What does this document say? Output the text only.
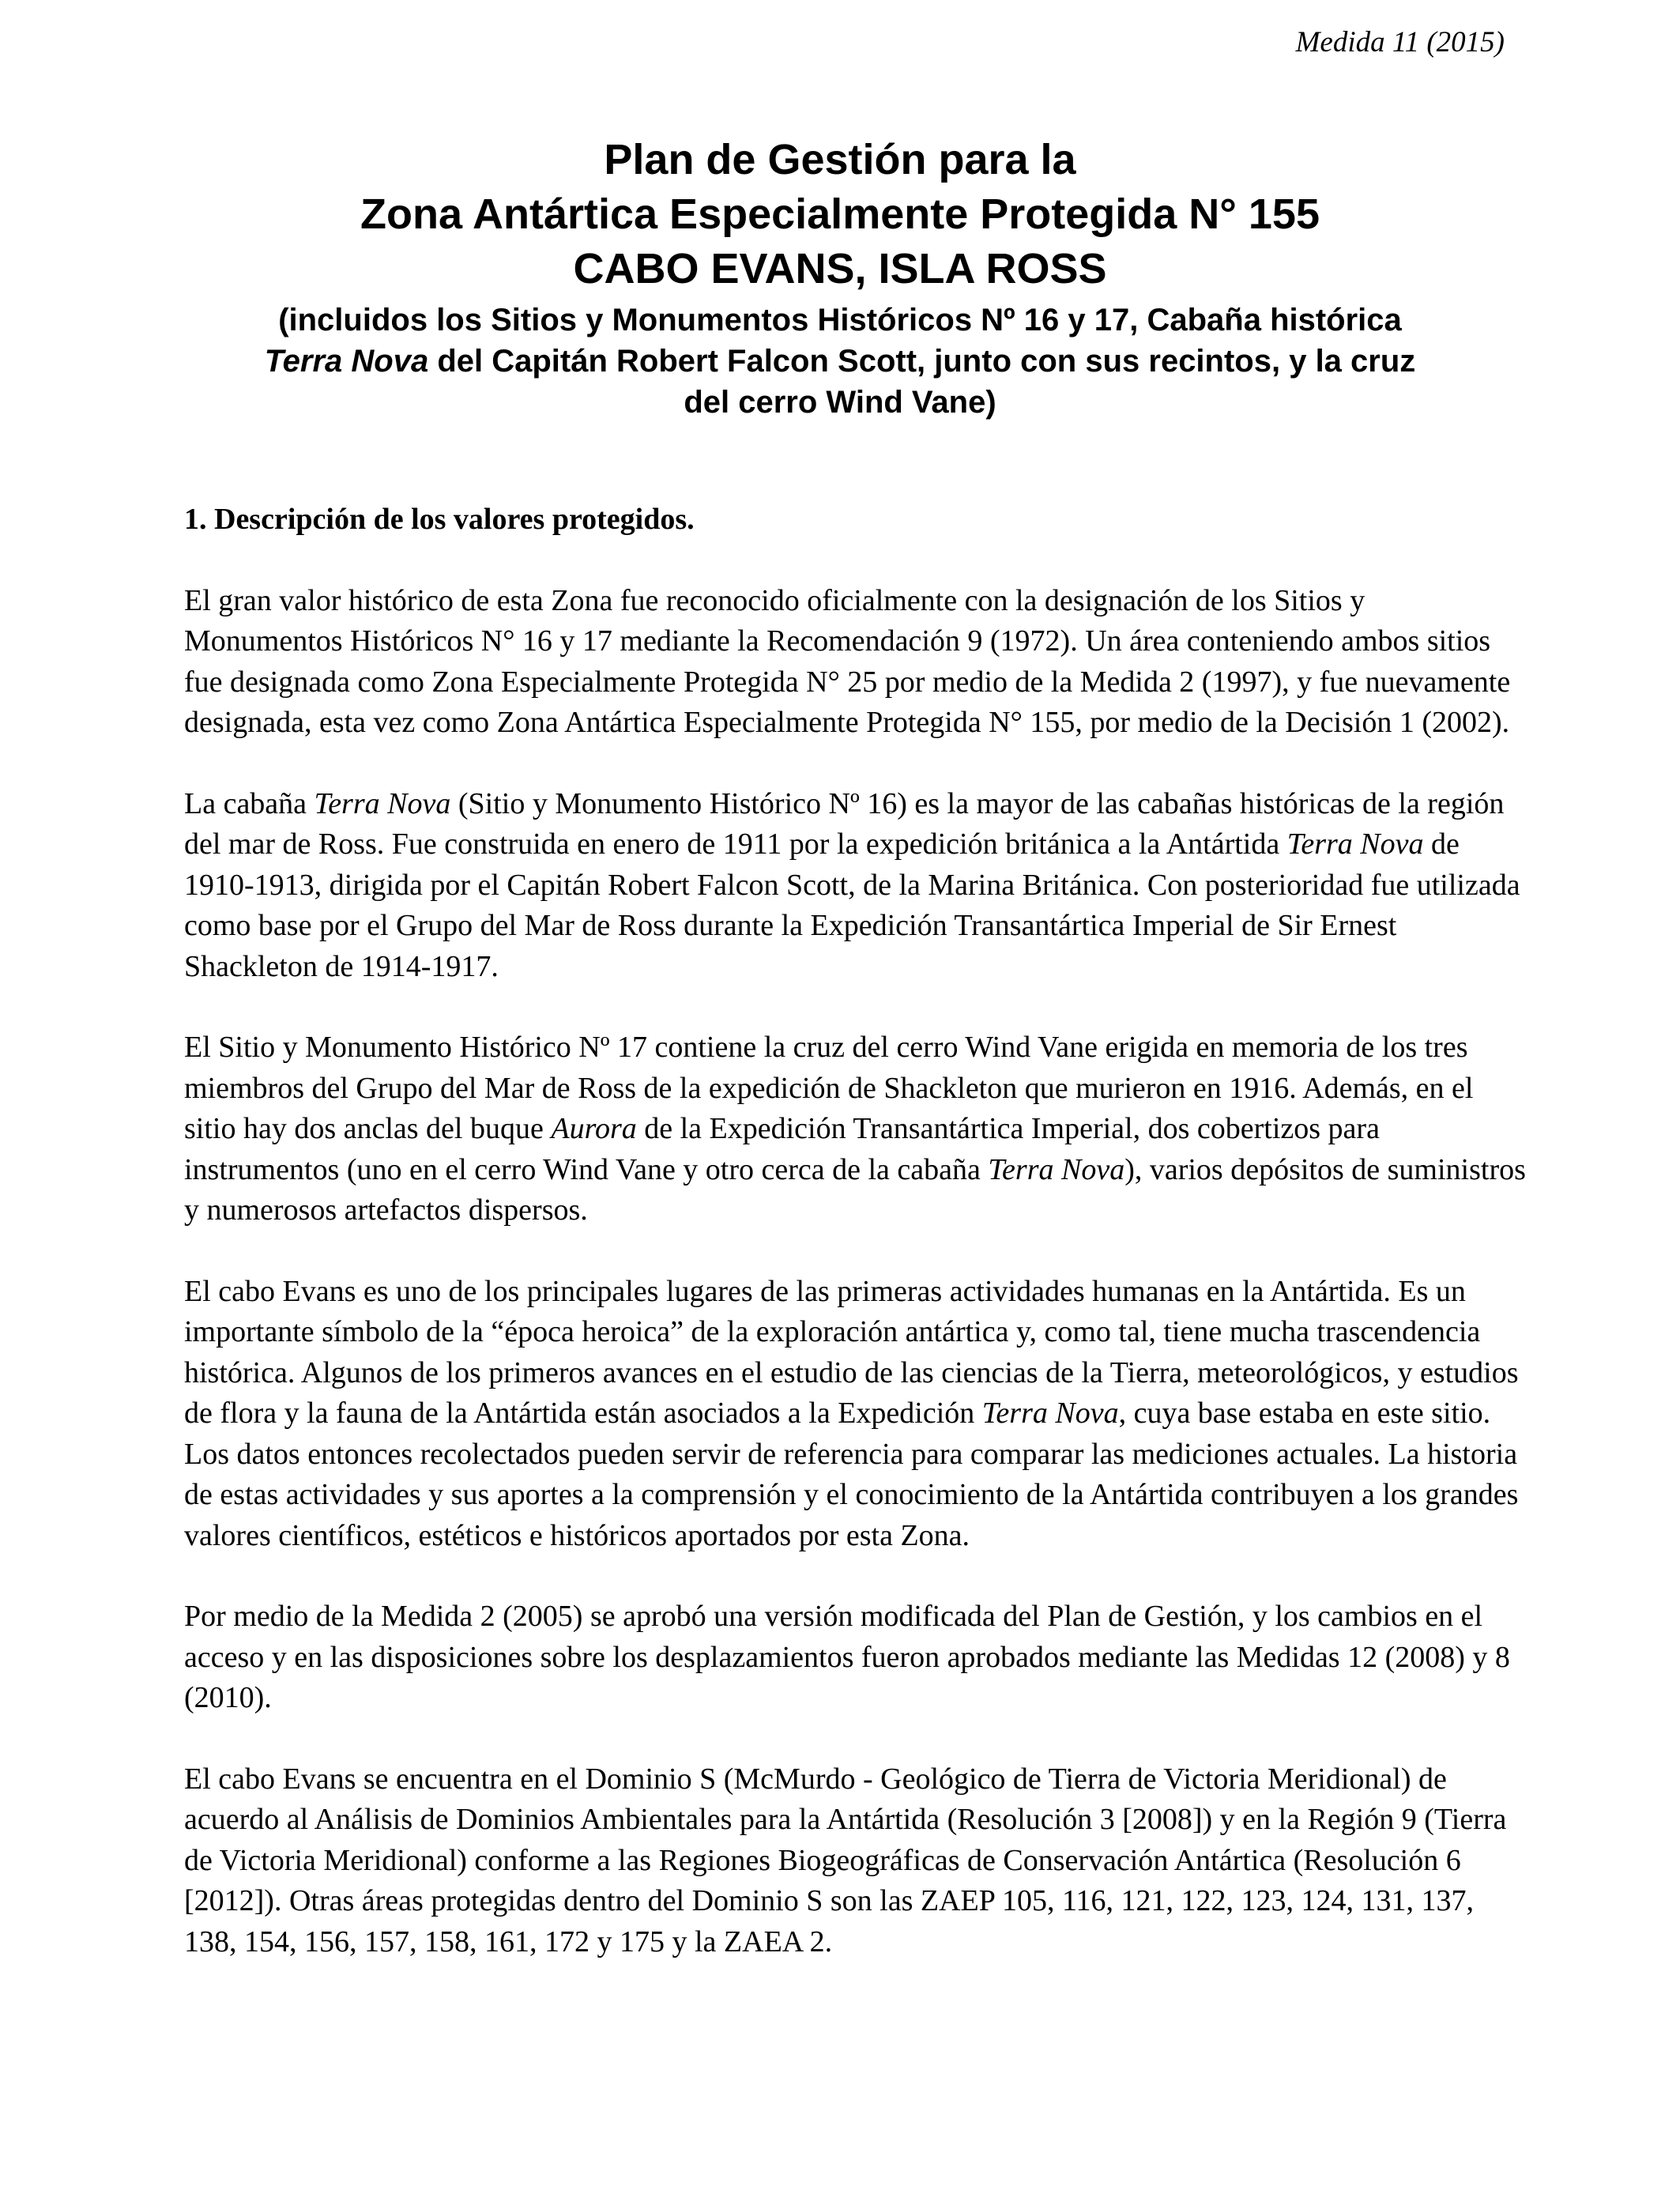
Medida 11 (2015)
Plan de Gestión para la
Zona Antártica Especialmente Protegida N° 155
CABO EVANS, ISLA ROSS
(incluidos los Sitios y Monumentos Históricos Nº 16 y 17, Cabaña histórica
Terra Nova del Capitán Robert Falcon Scott, junto con sus recintos, y la cruz
del cerro Wind Vane)
1. Descripción de los valores protegidos.

El gran valor histórico de esta Zona fue reconocido oficialmente con la designación de los Sitios y Monumentos Históricos N° 16 y 17 mediante la Recomendación 9 (1972). Un área conteniendo ambos sitios fue designada como Zona Especialmente Protegida N° 25 por medio de la Medida 2 (1997), y fue nuevamente designada, esta vez como Zona Antártica Especialmente Protegida N° 155, por medio de la Decisión 1 (2002).

La cabaña Terra Nova (Sitio y Monumento Histórico Nº 16) es la mayor de las cabañas históricas de la región del mar de Ross. Fue construida en enero de 1911 por la expedición británica a la Antártida Terra Nova de 1910-1913, dirigida por el Capitán Robert Falcon Scott, de la Marina Británica. Con posterioridad fue utilizada como base por el Grupo del Mar de Ross durante la Expedición Transantártica Imperial de Sir Ernest Shackleton de 1914-1917.

El Sitio y Monumento Histórico Nº 17 contiene la cruz del cerro Wind Vane erigida en memoria de los tres miembros del Grupo del Mar de Ross de la expedición de Shackleton que murieron en 1916. Además, en el sitio hay dos anclas del buque Aurora de la Expedición Transantártica Imperial, dos cobertizos para instrumentos (uno en el cerro Wind Vane y otro cerca de la cabaña Terra Nova), varios depósitos de suministros y numerosos artefactos dispersos.

El cabo Evans es uno de los principales lugares de las primeras actividades humanas en la Antártida. Es un importante símbolo de la “época heroica” de la exploración antártica y, como tal, tiene mucha trascendencia histórica. Algunos de los primeros avances en el estudio de las ciencias de la Tierra, meteorológicos, y estudios de flora y la fauna de la Antártida están asociados a la Expedición Terra Nova, cuya base estaba en este sitio. Los datos entonces recolectados pueden servir de referencia para comparar las mediciones actuales. La historia de estas actividades y sus aportes a la comprensión y el conocimiento de la Antártida contribuyen a los grandes valores científicos, estéticos e históricos aportados por esta Zona.

Por medio de la Medida 2 (2005) se aprobó una versión modificada del Plan de Gestión, y los cambios en el acceso y en las disposiciones sobre los desplazamientos fueron aprobados mediante las Medidas 12 (2008) y 8 (2010).

El cabo Evans se encuentra en el Dominio S (McMurdo - Geológico de Tierra de Victoria Meridional) de acuerdo al Análisis de Dominios Ambientales para la Antártida (Resolución 3 [2008]) y en la Región 9 (Tierra de Victoria Meridional) conforme a las Regiones Biogeográficas de Conservación Antártica (Resolución 6 [2012]). Otras áreas protegidas dentro del Dominio S son las ZAEP 105, 116, 121, 122, 123, 124, 131, 137, 138, 154, 156, 157, 158, 161, 172 y 175 y la ZAEA 2.
